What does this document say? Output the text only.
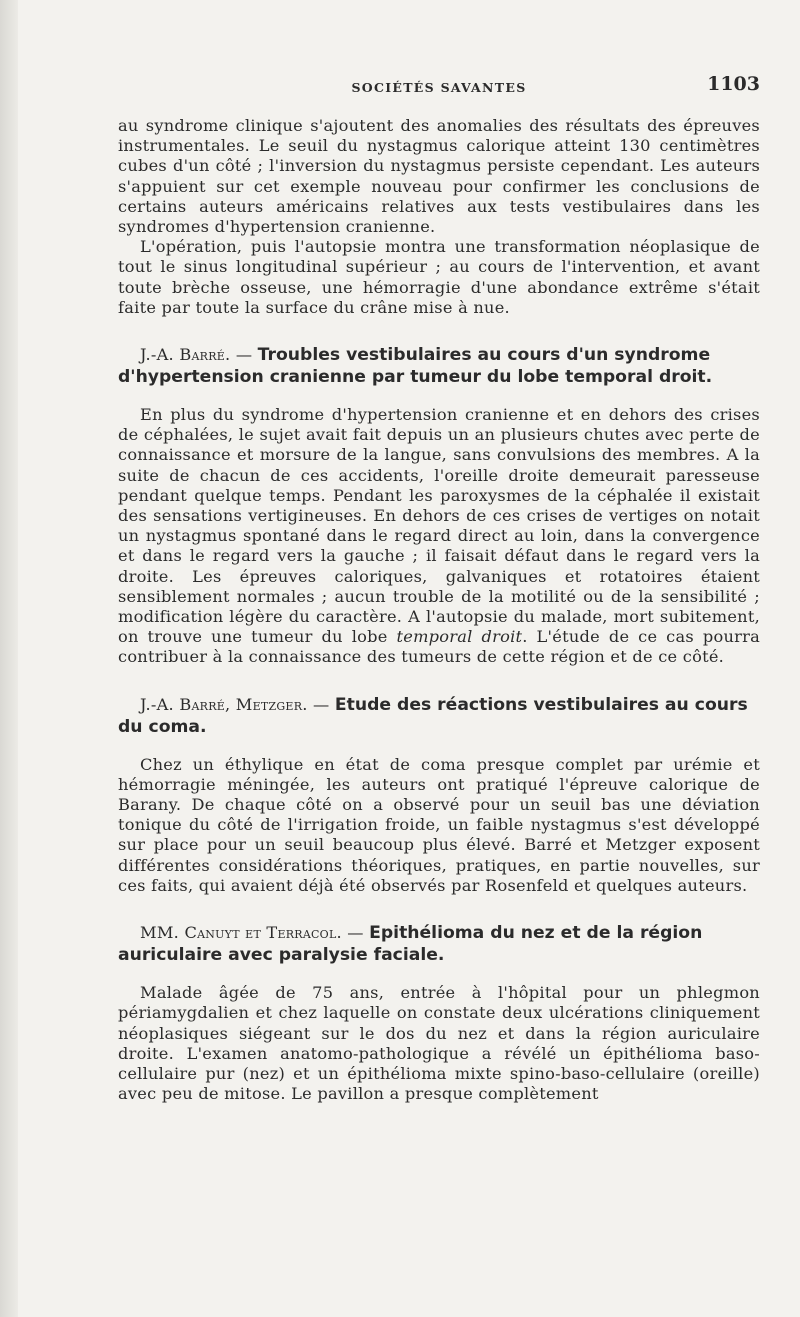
SOCIÉTÉS SAVANTES	1103

au syndrome clinique s'ajoutent des anomalies des résultats des épreuves instrumentales. Le seuil du nystagmus calorique atteint 130 centimètres cubes d'un côté ; l'inversion du nystagmus persiste cependant. Les auteurs s'appuient sur cet exemple nouveau pour confirmer les conclusions de certains auteurs américains relatives aux tests vestibulaires dans les syndromes d'hypertension cranienne.

L'opération, puis l'autopsie montra une transformation néoplasique de tout le sinus longitudinal supérieur ; au cours de l'intervention, et avant toute brèche osseuse, une hémorragie d'une abondance extrême s'était faite par toute la surface du crâne mise à nue.

J.-A. Barré. — Troubles vestibulaires au cours d'un syndrome d'hypertension cranienne par tumeur du lobe temporal droit.

En plus du syndrome d'hypertension cranienne et en dehors des crises de céphalées, le sujet avait fait depuis un an plusieurs chutes avec perte de connaissance et morsure de la langue, sans convulsions des membres. A la suite de chacun de ces accidents, l'oreille droite demeurait paresseuse pendant quelque temps. Pendant les paroxysmes de la céphalée il existait des sensations vertigineuses. En dehors de ces crises de vertiges on notait un nystagmus spontané dans le regard direct au loin, dans la convergence et dans le regard vers la gauche ; il faisait défaut dans le regard vers la droite. Les épreuves caloriques, galvaniques et rotatoires étaient sensiblement normales ; aucun trouble de la motilité ou de la sensibilité ; modification légère du caractère. A l'autopsie du malade, mort subitement, on trouve une tumeur du lobe temporal droit. L'étude de ce cas pourra contribuer à la connaissance des tumeurs de cette région et de ce côté.

J.-A. Barré, Metzger. — Etude des réactions vestibulaires au cours du coma.

Chez un éthylique en état de coma presque complet par urémie et hémorragie méningée, les auteurs ont pratiqué l'épreuve calorique de Barany. De chaque côté on a observé pour un seuil bas une déviation tonique du côté de l'irrigation froide, un faible nystagmus s'est développé sur place pour un seuil beaucoup plus élevé. Barré et Metzger exposent différentes considérations théoriques, pratiques, en partie nouvelles, sur ces faits, qui avaient déjà été observés par Rosenfeld et quelques auteurs.

MM. Canuyt et Terracol. — Epithélioma du nez et de la région auriculaire avec paralysie faciale.

Malade âgée de 75 ans, entrée à l'hôpital pour un phlegmon périamygdalien et chez laquelle on constate deux ulcérations cliniquement néoplasiques siégeant sur le dos du nez et dans la région auriculaire droite. L'examen anatomo-pathologique a révélé un épithélioma baso-cellulaire pur (nez) et un épithélioma mixte spino-baso-cellulaire (oreille) avec peu de mitose. Le pavillon a presque complètement
